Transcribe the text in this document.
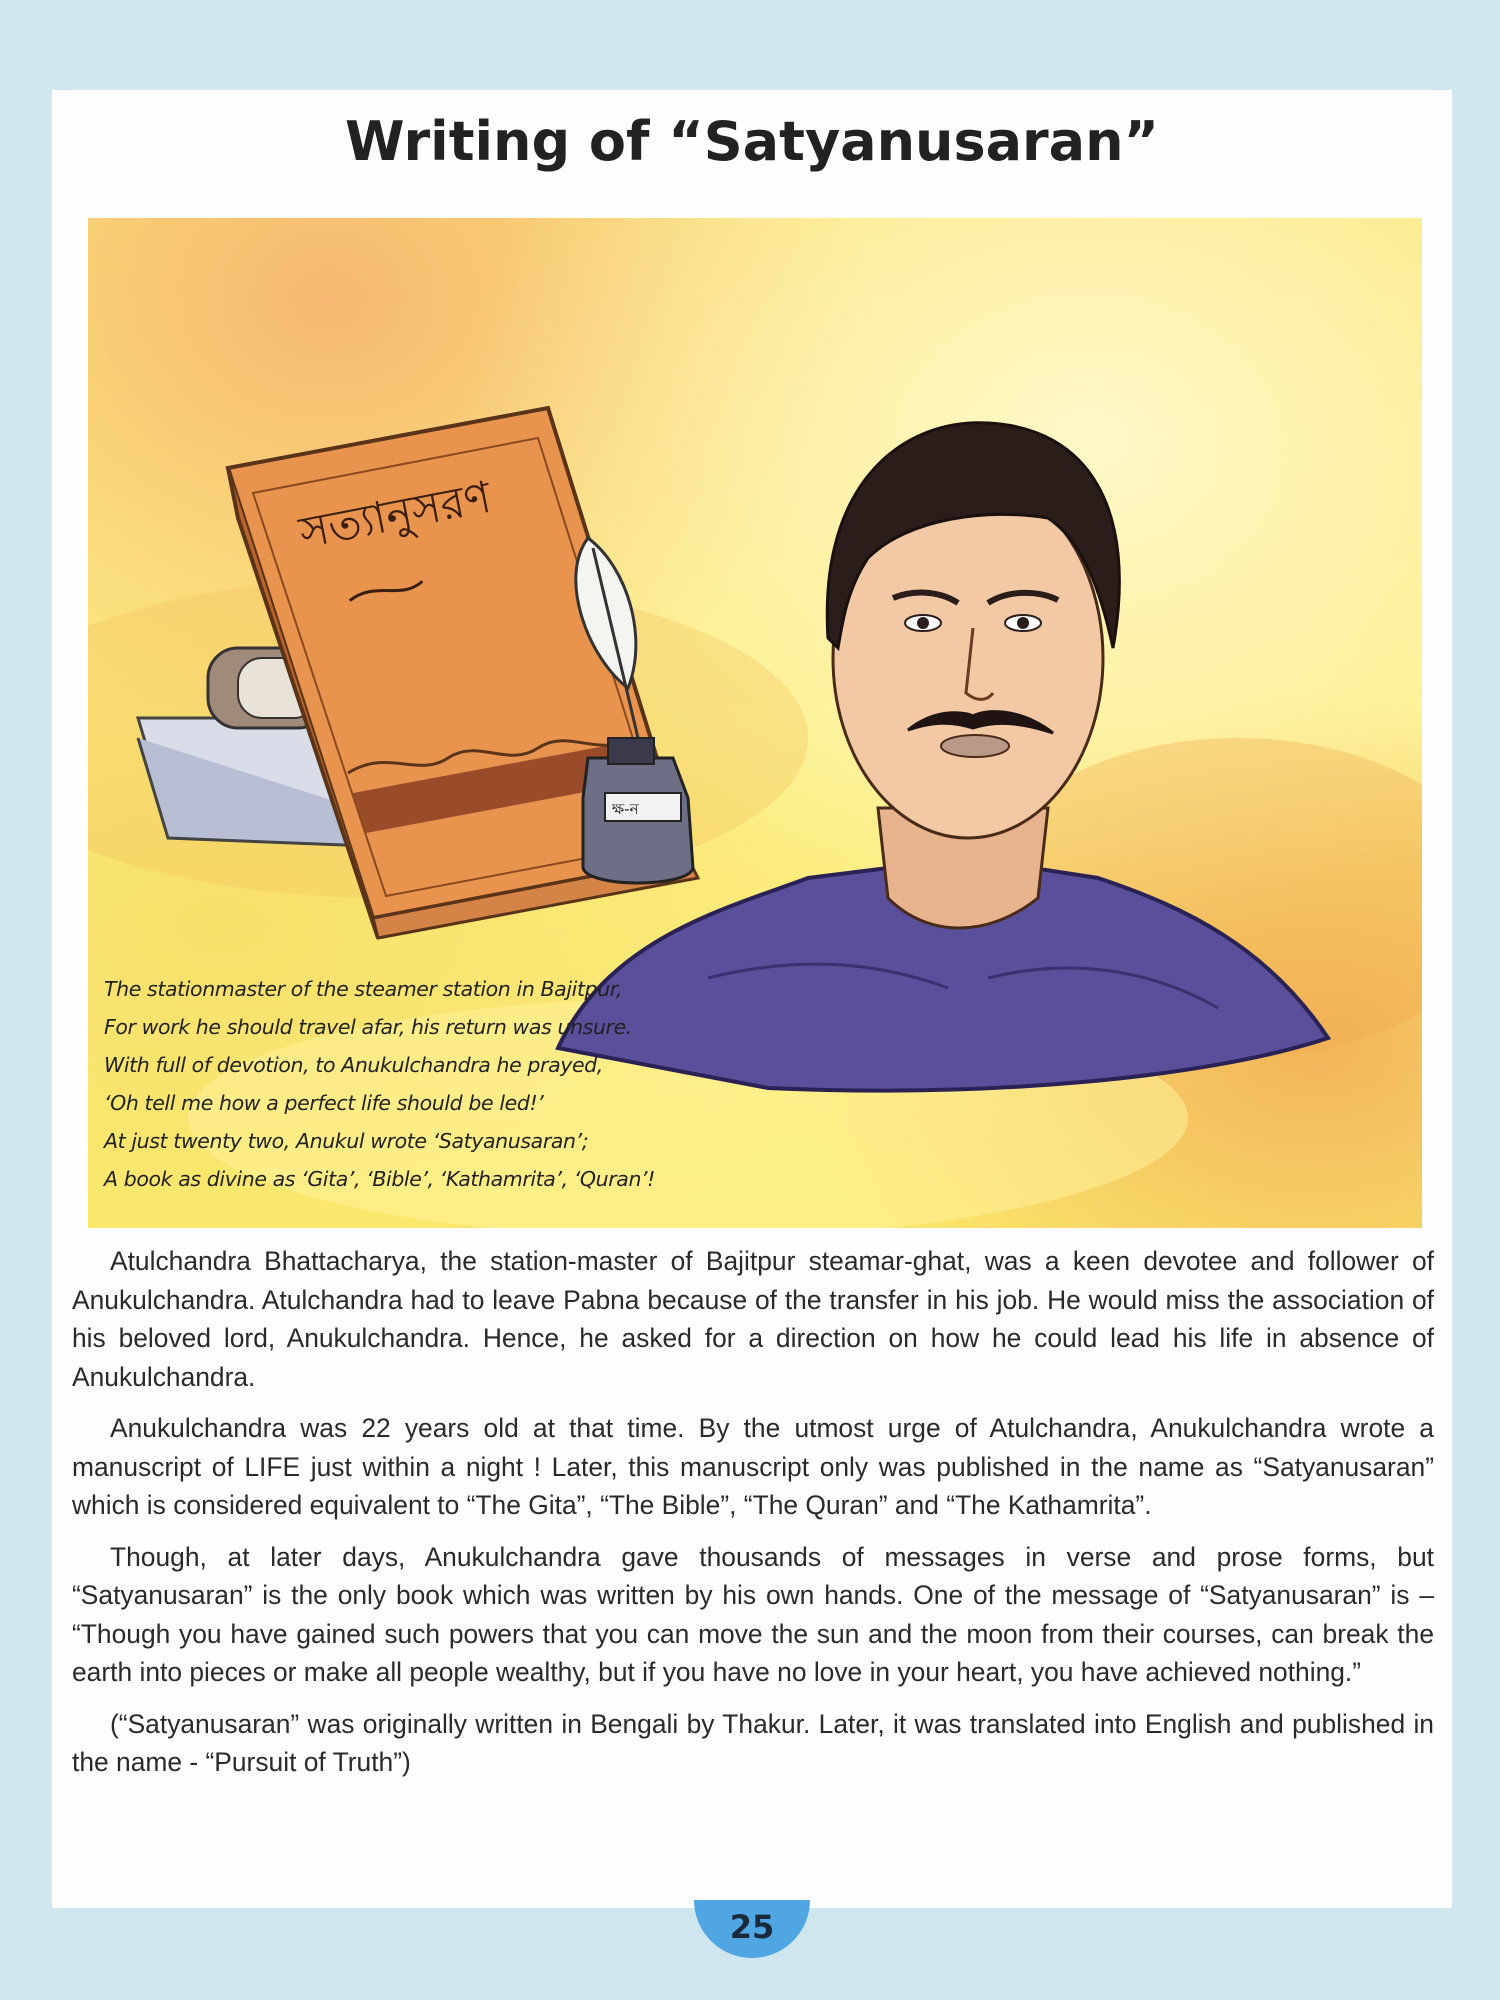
Writing of “Satyanusaran”
সত্যানুসরণ
ক্ষ-ন
The stationmaster of the steamer station in Bajitpur,
For work he should travel afar, his return was unsure.
With full of devotion, to Anukulchandra he prayed,
‘Oh tell me how a perfect life should be led!’
At just twenty two, Anukul wrote ‘Satyanusaran’;
A book as divine as ‘Gita’, ‘Bible’, ‘Kathamrita’, ‘Quran’!

Atulchandra Bhattacharya, the station-master of Bajitpur steamar-ghat, was a keen devotee and follower of Anukulchandra. Atulchandra had to leave Pabna because of the transfer in his job. He would miss the association of his beloved lord, Anukulchandra. Hence, he asked for a direction on how he could lead his life in absence of Anukulchandra.

Anukulchandra was 22 years old at that time. By the utmost urge of Atulchandra, Anukulchandra wrote a manuscript of LIFE just within a night ! Later, this manuscript only was published in the name as “Satyanusaran” which is considered equivalent to “The Gita”, “The Bible”, “The Quran” and “The Kathamrita”.

Though, at later days, Anukulchandra gave thousands of messages in verse and prose forms, but “Satyanusaran” is the only book which was written by his own hands. One of the message of “Satyanusaran” is – “Though you have gained such powers that you can move the sun and the moon from their courses, can break the earth into pieces or make all people wealthy, but if you have no love in your heart, you have achieved nothing.”

(“Satyanusaran” was originally written in Bengali by Thakur. Later, it was translated into English and published in the name - “Pursuit of Truth”)

25
